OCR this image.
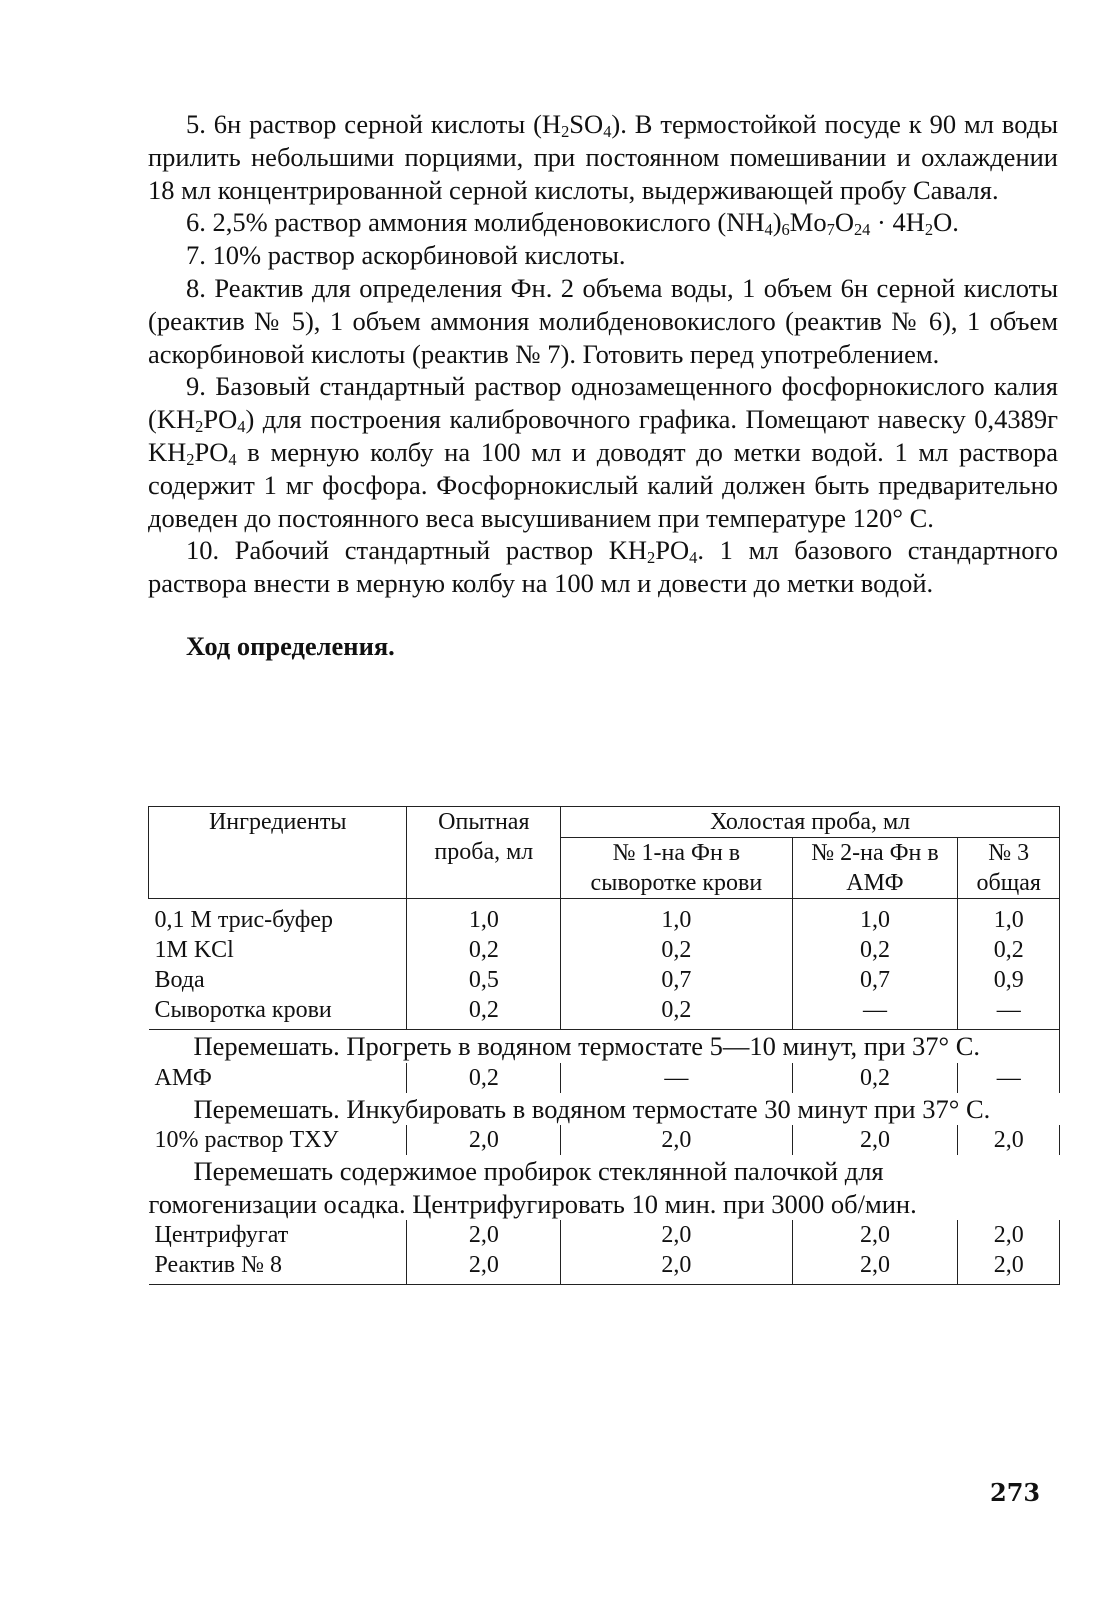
5. 6н раствор серной кислоты $(H_2SO_4)$. В термостойкой посуде к 90 мл воды прилить небольшими порциями, при постоянном помешивании и охлаждении 18 мл концентрированной серной кислоты, выдерживающей пробу Саваля.

6. 2,5% раствор аммония молибденовокислого $(NH_4)_6Mo_7O_{24} \cdot 4H_2O$.

7. 10% раствор аскорбиновой кислоты.

8. Реактив для определения Фн. 2 объема воды, 1 объем 6н серной кислоты (реактив № 5), 1 объем аммония молибденовокислого (реактив № 6), 1 объем аскорбиновой кислоты (реактив № 7). Готовить перед употреблением.

9. Базовый стандартный раствор однозамещенного фосфорнокислого калия $(KH_2PO_4)$ для построения калибровочного графика. Помещают навеску 0,4389г $KH_2PO_4$ в мерную колбу на 100 мл и доводят до метки водой. 1 мл раствора содержит 1 мг фосфора. Фосфорнокислый калий должен быть предварительно доведен до постоянного веса высушиванием при температуре 120° С.

10. Рабочий стандартный раствор $KH_2PO_4$. 1 мл базового стандартного раствора внести в мерную колбу на 100 мл и довести до метки водой.

Ход определения.
Ингредиенты	Опытная проба, мл	Холостая проба, мл		
		№ 1-на Фн в сыворотке крови	№ 2-на Фн в АМФ	№ 3 общая
0,1 М трис-буфер	1,0	1,0	1,0	1,0
1М KCl	0,2	0,2	0,2	0,2
Вода	0,5	0,7	0,7	0,9
Сыворотка крови	0,2	0,2	—	—
Перемешать. Прогреть в водяном термостате 5—10 минут, при 37° С.				
АМФ	0,2	—	0,2	—
Перемешать. Инкубировать в водяном термостате 30 минут при 37° С.				
10% раствор ТХУ	2,0	2,0	2,0	2,0
Перемешать содержимое пробирок стеклянной палочкой для гомогенизации осадка. Центрифугировать 10 мин. при 3000 об/мин.				
Центрифугат	2,0	2,0	2,0	2,0
Реактив № 8	2,0	2,0	2,0	2,0
273
